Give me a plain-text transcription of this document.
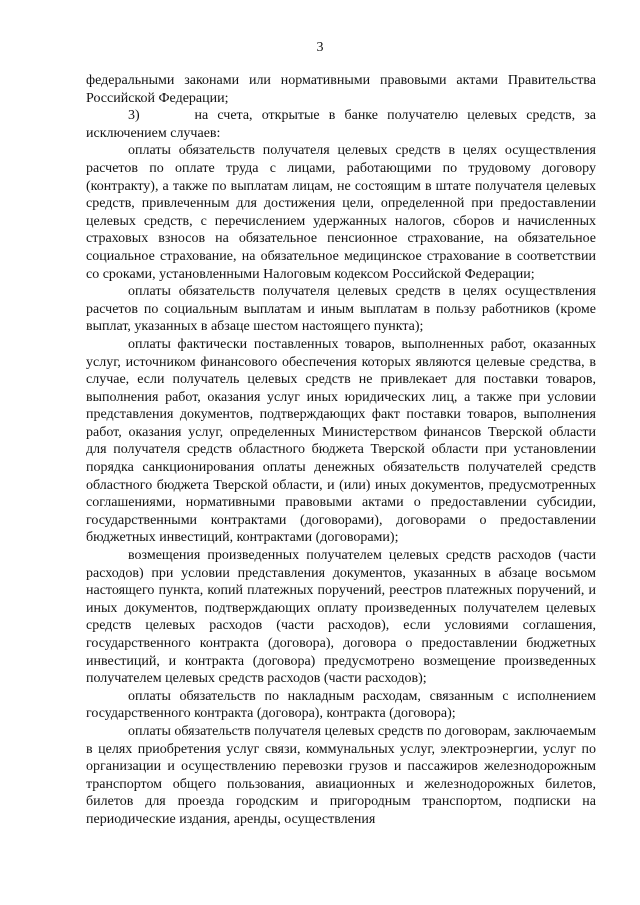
3

федеральными законами или нормативными правовыми актами Правительства Российской Федерации;

3)      на счета, открытые в банке получателю целевых средств, за исключением случаев:

оплаты обязательств получателя целевых средств в целях осуществления расчетов по оплате труда с лицами, работающими по трудовому договору (контракту), а также по выплатам лицам, не состоящим в штате получателя целевых средств, привлеченным для достижения цели, определенной при предоставлении целевых средств, с перечислением удержанных налогов, сборов и начисленных страховых взносов на обязательное пенсионное страхование, на обязательное социальное страхование, на обязательное медицинское страхование в соответствии со сроками, установленными Налоговым кодексом Российской Федерации;

оплаты обязательств получателя целевых средств в целях осуществления расчетов по социальным выплатам и иным выплатам в пользу работников (кроме выплат, указанных в абзаце шестом настоящего пункта);

оплаты фактически поставленных товаров, выполненных работ, оказанных услуг, источником финансового обеспечения которых являются целевые средства, в случае, если получатель целевых средств не привлекает для поставки товаров, выполнения работ, оказания услуг иных юридических лиц, а также при условии представления документов, подтверждающих факт поставки товаров, выполнения работ, оказания услуг, определенных Министерством финансов Тверской области для получателя средств областного бюджета Тверской области при установлении порядка санкционирования оплаты денежных обязательств получателей средств областного бюджета Тверской области, и (или) иных документов, предусмотренных соглашениями, нормативными правовыми актами о предоставлении субсидии, государственными контрактами (договорами), договорами о предоставлении бюджетных инвестиций, контрактами (договорами);

возмещения произведенных получателем целевых средств расходов (части расходов) при условии представления документов, указанных в абзаце восьмом настоящего пункта, копий платежных поручений, реестров платежных поручений, и иных документов, подтверждающих оплату произведенных получателем целевых средств целевых расходов (части расходов), если условиями соглашения, государственного контракта (договора), договора о предоставлении бюджетных инвестиций, и контракта (договора) предусмотрено возмещение произведенных получателем целевых средств расходов (части расходов);

оплаты обязательств по накладным расходам, связанным с исполнением государственного контракта (договора), контракта (договора);

оплаты обязательств получателя целевых средств по договорам, заключаемым в целях приобретения услуг связи, коммунальных услуг, электроэнергии, услуг по организации и осуществлению перевозки грузов и пассажиров железнодорожным транспортом общего пользования, авиационных и железнодорожных билетов, билетов для проезда городским и пригородным транспортом, подписки на периодические издания, аренды, осуществления
